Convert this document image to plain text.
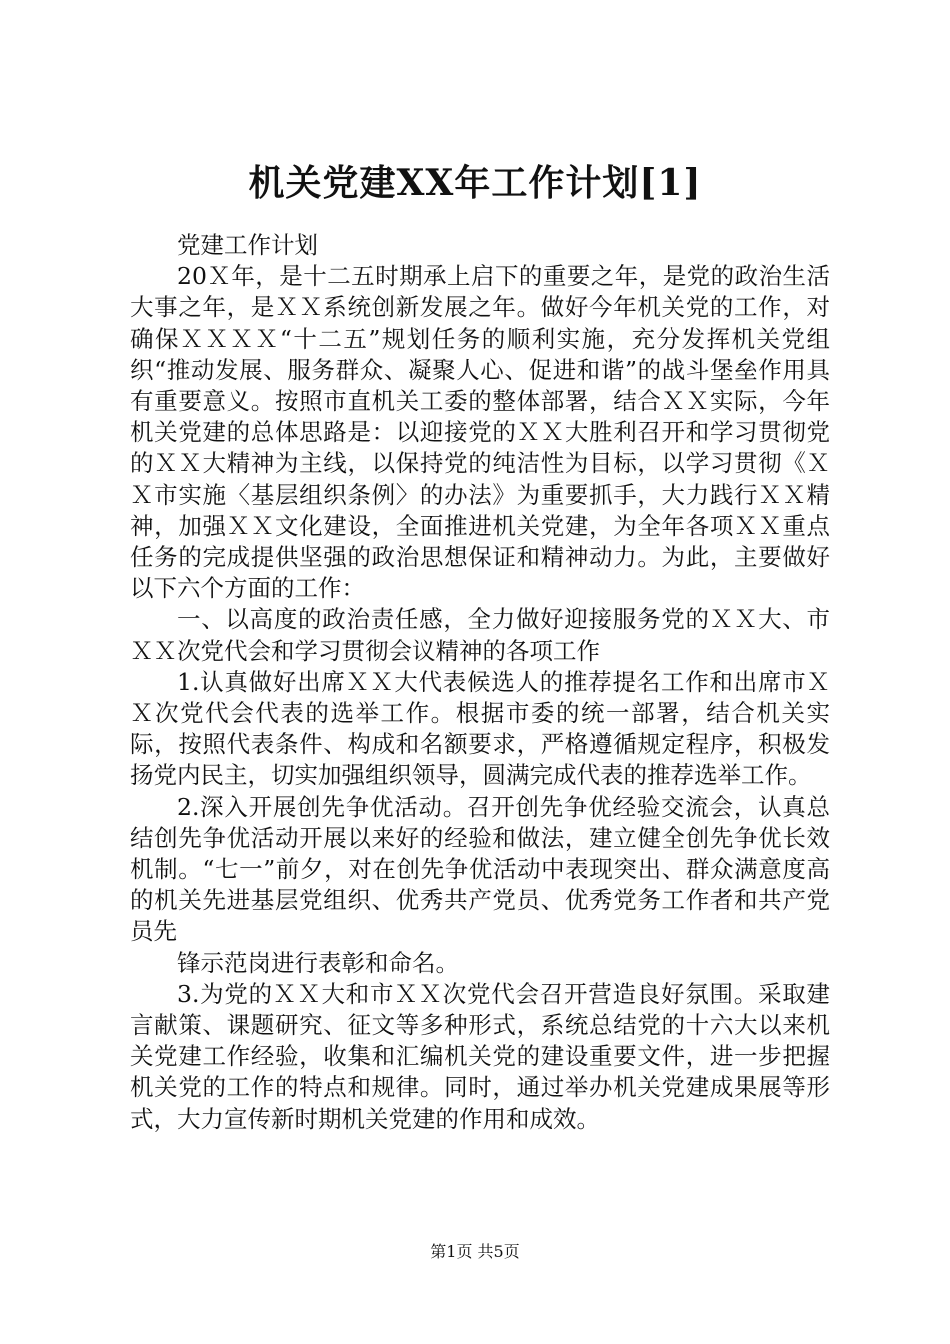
机关党建XX年工作计划[1]

党建工作计划

20Ｘ年，是十二五时期承上启下的重要之年，是党的政治生活大事之年，是ＸＸ系统创新发展之年。做好今年机关党的工作，对确保ＸＸＸＸ“十二五”规划任务的顺利实施，充分发挥机关党组织“推动发展、服务群众、凝聚人心、促进和谐”的战斗堡垒作用具有重要意义。按照市直机关工委的整体部署，结合ＸＸ实际，今年机关党建的总体思路是：以迎接党的ＸＸ大胜利召开和学习贯彻党的ＸＸ大精神为主线，以保持党的纯洁性为目标，以学习贯彻《ＸＸ市实施〈基层组织条例〉的办法》为重要抓手，大力践行ＸＸ精神，加强ＸＸ文化建设，全面推进机关党建，为全年各项ＸＸ重点任务的完成提供坚强的政治思想保证和精神动力。为此，主要做好以下六个方面的工作：

一、以高度的政治责任感，全力做好迎接服务党的ＸＸ大、市ＸＸ次党代会和学习贯彻会议精神的各项工作

1.认真做好出席ＸＸ大代表候选人的推荐提名工作和出席市ＸＸ次党代会代表的选举工作。根据市委的统一部署，结合机关实际，按照代表条件、构成和名额要求，严格遵循规定程序，积极发扬党内民主，切实加强组织领导，圆满完成代表的推荐选举工作。

2.深入开展创先争优活动。召开创先争优经验交流会，认真总结创先争优活动开展以来好的经验和做法，建立健全创先争优长效机制。“七一”前夕，对在创先争优活动中表现突出、群众满意度高的机关先进基层党组织、优秀共产党员、优秀党务工作者和共产党员先

锋示范岗进行表彰和命名。

3.为党的ＸＸ大和市ＸＸ次党代会召开营造良好氛围。采取建言献策、课题研究、征文等多种形式，系统总结党的十六大以来机关党建工作经验，收集和汇编机关党的建设重要文件，进一步把握机关党的工作的特点和规律。同时，通过举办机关党建成果展等形式，大力宣传新时期机关党建的作用和成效。

第1页 共5页
